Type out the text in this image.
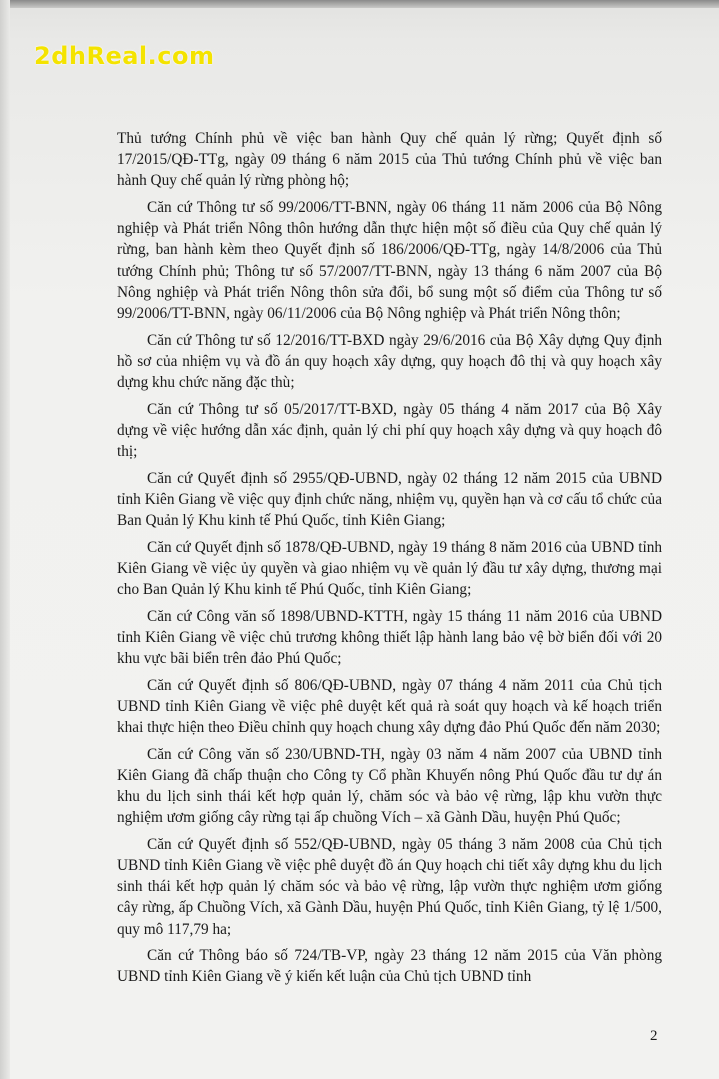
2dhReal.com

Thủ tướng Chính phủ về việc ban hành Quy chế quản lý rừng; Quyết định số 17/2015/QĐ-TTg, ngày 09 tháng 6 năm 2015 của Thủ tướng Chính phủ về việc ban hành Quy chế quản lý rừng phòng hộ;

Căn cứ Thông tư số 99/2006/TT-BNN, ngày 06 tháng 11 năm 2006 của Bộ Nông nghiệp và Phát triển Nông thôn hướng dẫn thực hiện một số điều của Quy chế quản lý rừng, ban hành kèm theo Quyết định số 186/2006/QĐ-TTg, ngày 14/8/2006 của Thủ tướng Chính phủ; Thông tư số 57/2007/TT-BNN, ngày 13 tháng 6 năm 2007 của Bộ Nông nghiệp và Phát triển Nông thôn sửa đổi, bổ sung một số điểm của Thông tư số 99/2006/TT-BNN, ngày 06/11/2006 của Bộ Nông nghiệp và Phát triển Nông thôn;

Căn cứ Thông tư số 12/2016/TT-BXD ngày 29/6/2016 của Bộ Xây dựng Quy định hồ sơ của nhiệm vụ và đồ án quy hoạch xây dựng, quy hoạch đô thị và quy hoạch xây dựng khu chức năng đặc thù;

Căn cứ Thông tư số 05/2017/TT-BXD, ngày 05 tháng 4 năm 2017 của Bộ Xây dựng về việc hướng dẫn xác định, quản lý chi phí quy hoạch xây dựng và quy hoạch đô thị;

Căn cứ Quyết định số 2955/QĐ-UBND, ngày 02 tháng 12 năm 2015 của UBND tỉnh Kiên Giang về việc quy định chức năng, nhiệm vụ, quyền hạn và cơ cấu tổ chức của Ban Quản lý Khu kinh tế Phú Quốc, tỉnh Kiên Giang;

Căn cứ Quyết định số 1878/QĐ-UBND, ngày 19 tháng 8 năm 2016 của UBND tỉnh Kiên Giang về việc ủy quyền và giao nhiệm vụ về quản lý đầu tư xây dựng, thương mại cho Ban Quản lý Khu kinh tế Phú Quốc, tỉnh Kiên Giang;

Căn cứ Công văn số 1898/UBND-KTTH, ngày 15 tháng 11 năm 2016 của UBND tỉnh Kiên Giang về việc chủ trương không thiết lập hành lang bảo vệ bờ biển đối với 20 khu vực bãi biển trên đảo Phú Quốc;

Căn cứ Quyết định số 806/QĐ-UBND, ngày 07 tháng 4 năm 2011 của Chủ tịch UBND tỉnh Kiên Giang về việc phê duyệt kết quả rà soát quy hoạch và kế hoạch triển khai thực hiện theo Điều chỉnh quy hoạch chung xây dựng đảo Phú Quốc đến năm 2030;

Căn cứ Công văn số 230/UBND-TH, ngày 03 năm 4 năm 2007 của UBND tỉnh Kiên Giang đã chấp thuận cho Công ty Cổ phần Khuyến nông Phú Quốc đầu tư dự án khu du lịch sinh thái kết hợp quản lý, chăm sóc và bảo vệ rừng, lập khu vườn thực nghiệm ươm giống cây rừng tại ấp chuồng Vích – xã Gành Dầu, huyện Phú Quốc;

Căn cứ Quyết định số 552/QĐ-UBND, ngày 05 tháng 3 năm 2008 của Chủ tịch UBND tỉnh Kiên Giang về việc phê duyệt đồ án Quy hoạch chi tiết xây dựng khu du lịch sinh thái kết hợp quản lý chăm sóc và bảo vệ rừng, lập vườn thực nghiệm ươm giống cây rừng, ấp Chuồng Vích, xã Gành Dầu, huyện Phú Quốc, tỉnh Kiên Giang, tỷ lệ 1/500, quy mô 117,79 ha;

Căn cứ Thông báo số 724/TB-VP, ngày 23 tháng 12 năm 2015 của Văn phòng UBND tỉnh Kiên Giang về ý kiến kết luận của Chủ tịch UBND tỉnh

2
